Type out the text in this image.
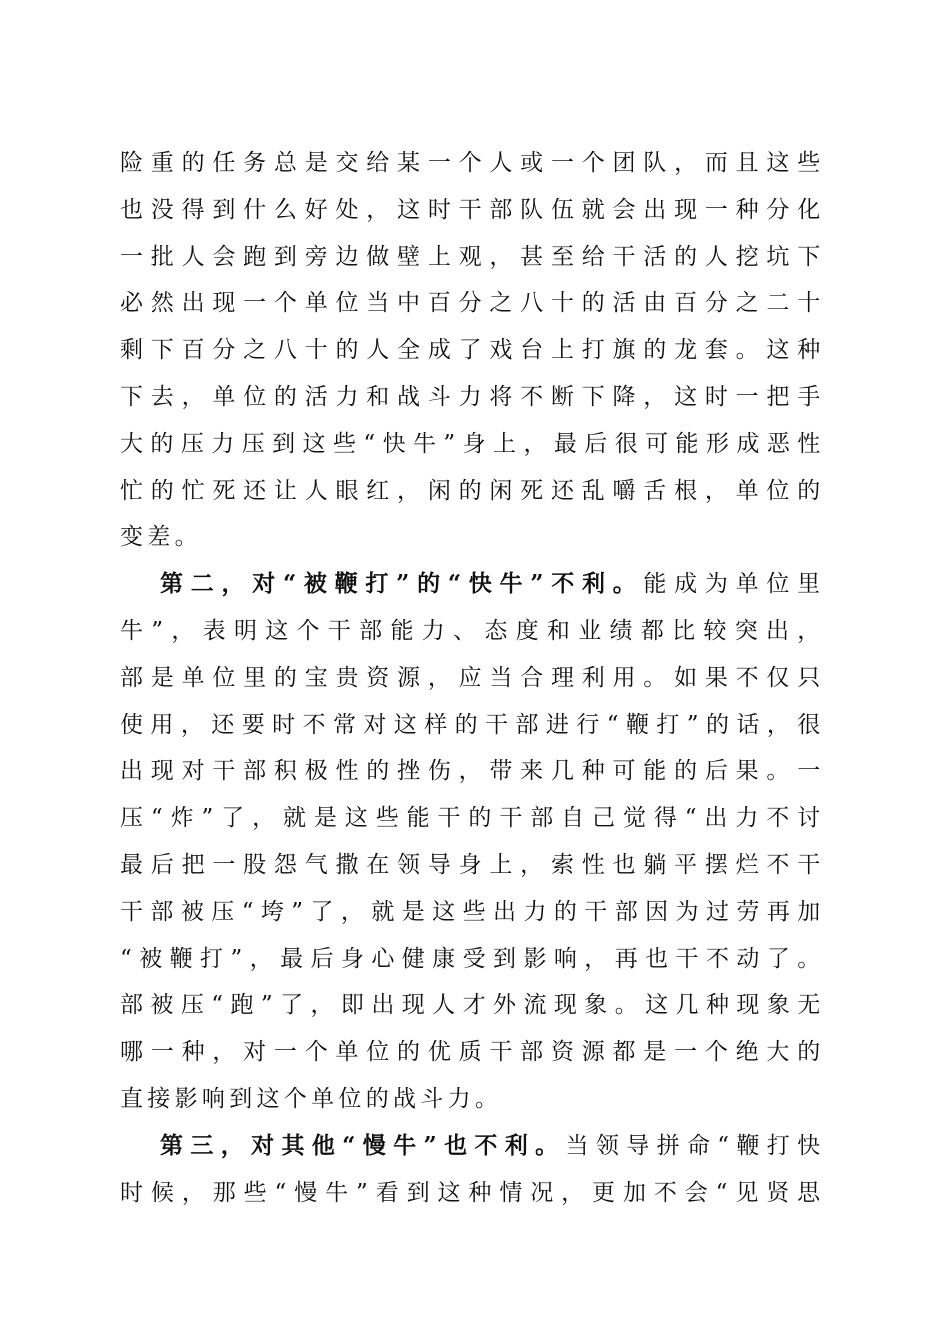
险 重 的 任 务 总 是 交 给 某 一 个 人 或 一 个 团 队 ， 而 且 这 些
也 没 得 到 什 么 好 处 ， 这 时 干 部 队 伍 就 会 出 现 一 种 分 化
一 批 人 会 跑 到 旁 边 做 壁 上 观 ， 甚 至 给 干 活 的 人 挖 坑 下
必 然 出 现 一 个 单 位 当 中 百 分 之 八 十 的 活 由 百 分 之 二 十
剩 下 百 分 之 八 十 的 人 全 成 了 戏 台 上 打 旗 的 龙 套 。 这 种
下 去 ， 单 位 的 活 力 和 战 斗 力 将 不 断 下 降 ， 这 时 一 把 手
大 的 压 力 压 到 这 些 “ 快 牛 ” 身 上 ， 最 后 很 可 能 形 成 恶 性
忙 的 忙 死 还 让 人 眼 红 ， 闲 的 闲 死 还 乱 嚼 舌 根 ， 单 位 的
变差。
第 二 ， 对 “ 被 鞭 打 ” 的 “ 快 牛 ” 不 利 。 能 成 为 单 位 里
牛 ” ， 表 明 这 个 干 部 能 力 、 态 度 和 业 绩 都 比 较 突 出 ，
部 是 单 位 里 的 宝 贵 资 源 ， 应 当 合 理 利 用 。 如 果 不 仅 只
使 用 ， 还 要 时 不 常 对 这 样 的 干 部 进 行 “ 鞭 打 ” 的 话 ， 很
出 现 对 干 部 积 极 性 的 挫 伤 ， 带 来 几 种 可 能 的 后 果 。 一
压 “ 炸 ” 了 ， 就 是 这 些 能 干 的 干 部 自 己 觉 得 “ 出 力 不 讨
最 后 把 一 股 怨 气 撒 在 领 导 身 上 ， 索 性 也 躺 平 摆 烂 不 干
干 部 被 压 “ 垮 ” 了 ， 就 是 这 些 出 力 的 干 部 因 为 过 劳 再 加
“ 被 鞭 打 ” ， 最 后 身 心 健 康 受 到 影 响 ， 再 也 干 不 动 了 。
部 被 压 “ 跑 ” 了 ， 即 出 现 人 才 外 流 现 象 。 这 几 种 现 象 无
哪 一 种 ， 对 一 个 单 位 的 优 质 干 部 资 源 都 是 一 个 绝 大 的
直接影响到这个单位的战斗力。
第 三 ， 对 其 他 “ 慢 牛 ” 也 不 利 。 当 领 导 拼 命 “ 鞭 打 快
时 候 ， 那 些 “ 慢 牛 ” 看 到 这 种 情 况 ， 更 加 不 会 “ 见 贤 思
